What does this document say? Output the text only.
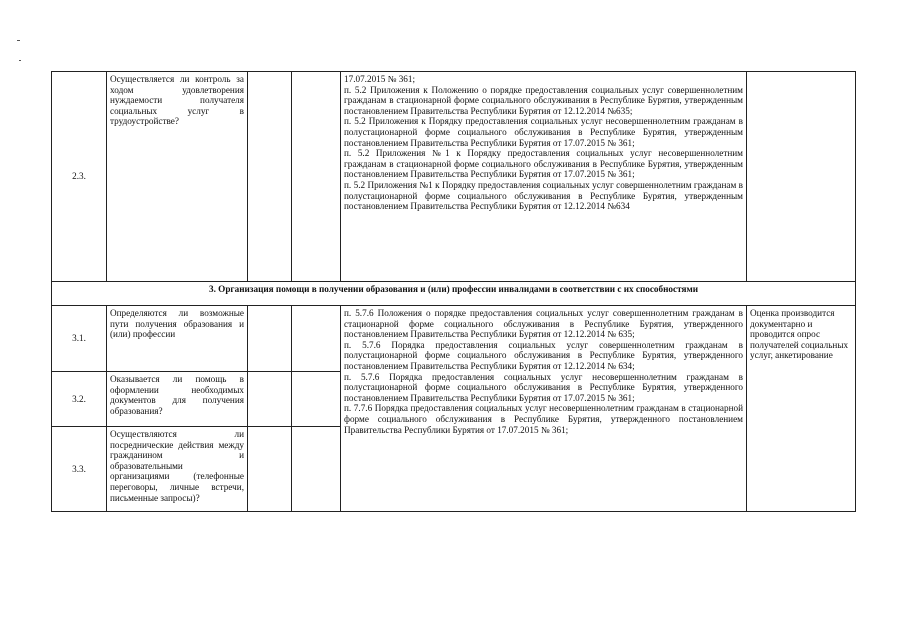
2.3.	Осуществляется ли контроль за ходом удовлетворения нуждаемости получателя социальных услуг в трудоустройстве?			17.07.2015 № 361;
п. 5.2 Приложения к Положению о порядке предоставления социальных услуг совершеннолетним гражданам в стационарной форме социального обслуживания в Республике Бурятия, утвержденным постановлением Правительства Республики Бурятия от 12.12.2014 №635;
п. 5.2 Приложения к Порядку предоставления социальных услуг несовершеннолетним гражданам в полустационарной форме социального обслуживания в Республике Бурятия, утвержденным постановлением Правительства Республики Бурятия от 17.07.2015 № 361;
п. 5.2 Приложения №1 к Порядку предоставления социальных услуг несовершеннолетним гражданам в стационарной форме социального обслуживания в Республике Бурятия, утвержденным постановлением Правительства Республики Бурятия от 17.07.2015 № 361;
п. 5.2 Приложения №1 к Порядку предоставления социальных услуг совершеннолетним гражданам в полустационарной форме социального обслуживания в Республике Бурятия, утвержденным постановлением Правительства Республики Бурятия от 12.12.2014 №634	

3. Организация помощи в получении образования и (или) профессии инвалидами в соответствии с их способностями					
3.1.	Определяются ли возможные пути получения образования и (или) профессии			п. 5.7.6 Положения о порядке предоставления социальных услуг совершеннолетним гражданам в стационарной форме социального обслуживания в Республике Бурятия, утвержденного постановлением Правительства Республики Бурятия от 12.12.2014 № 635;
п. 5.7.6 Порядка предоставления социальных услуг совершеннолетним гражданам в полустационарной форме социального обслуживания в Республике Бурятия, утвержденного постановлением Правительства Республики Бурятия от 12.12.2014 № 634;
п. 5.7.6 Порядка предоставления социальных услуг несовершеннолетним гражданам в полустационарной форме социального обслуживания в Республике Бурятия, утвержденного постановлением Правительства Республики Бурятия от 17.07.2015 № 361;
п. 7.7.6 Порядка предоставления социальных услуг несовершеннолетним гражданам в стационарной форме социального обслуживания в Республике Бурятия, утвержденного постановлением Правительства Республики Бурятия от 17.07.2015 № 361;	Оценка производится документарно и проводится опрос получателей социальных услуг, анкетирование
3.2.	Оказывается ли помощь в оформлении необходимых документов для получения образования?				
3.3.	Осуществляются ли посреднические действия между гражданином и образовательными организациями (телефонные переговоры, личные встречи, письменные запросы)?				
